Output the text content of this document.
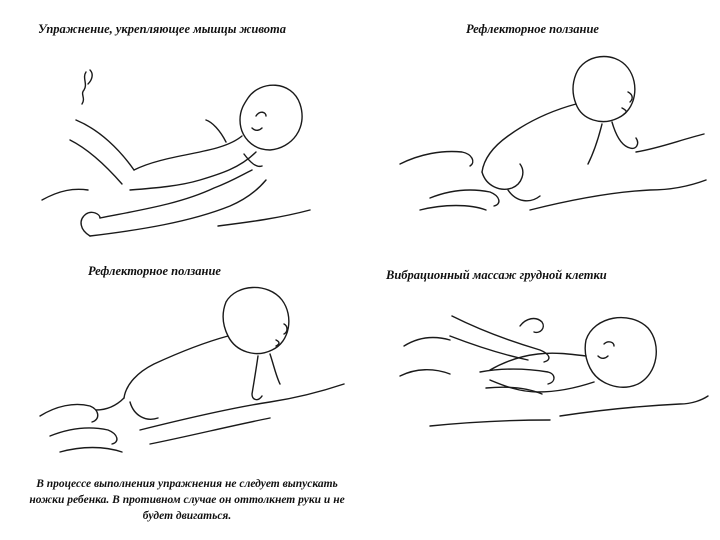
Упражнение, укрепляющее мышцы живота	Рефлекторное ползание
Рефлекторное ползание	Вибрационный массаж грудной клетки
В процессе выполнения упражнения не следует выпускать ножки ребенка. В противном случае он оттолкнет руки и не будет двигаться.
